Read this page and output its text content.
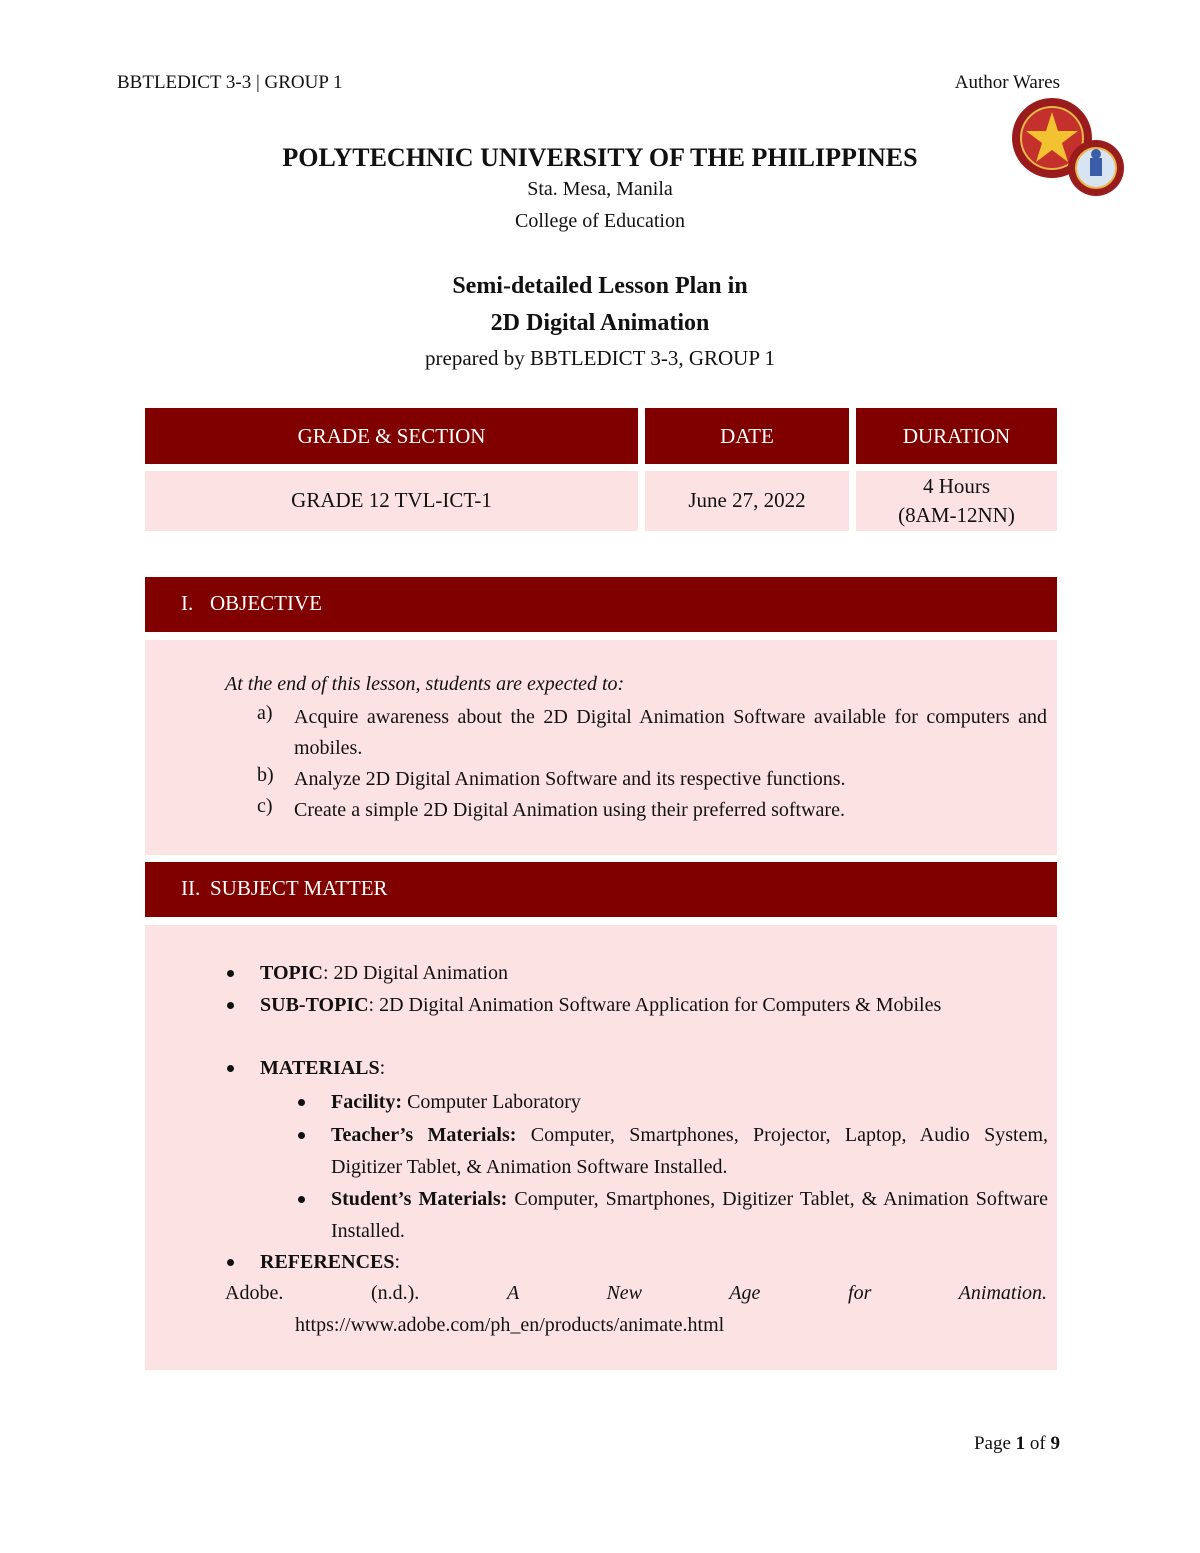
BBTLEDICT 3-3 | GROUP 1	Author Wares
POLYTECHNIC UNIVERSITY OF THE PHILIPPINES
Sta. Mesa, Manila
College of Education
Semi-detailed Lesson Plan in
2D Digital Animation
prepared by BBTLEDICT 3-3, GROUP 1
GRADE & SECTION	DATE	DURATION
GRADE 12 TVL-ICT-1	June 27, 2022	4 Hours
(8AM-12NN)
I. OBJECTIVE
At the end of this lesson, students are expected to:
a) Acquire awareness about the 2D Digital Animation Software available for computers and mobiles.
b) Analyze 2D Digital Animation Software and its respective functions.
c) Create a simple 2D Digital Animation using their preferred software.
II. SUBJECT MATTER
TOPIC: 2D Digital Animation
SUB-TOPIC: 2D Digital Animation Software Application for Computers & Mobiles
MATERIALS:
Facility: Computer Laboratory
Teacher’s Materials: Computer, Smartphones, Projector, Laptop, Audio System, Digitizer Tablet, & Animation Software Installed.
Student’s Materials: Computer, Smartphones, Digitizer Tablet, & Animation Software Installed.
REFERENCES:
Adobe. (n.d.).	A New Age for Animation.
https://www.adobe.com/ph_en/products/animate.html
Page 1 of 9
